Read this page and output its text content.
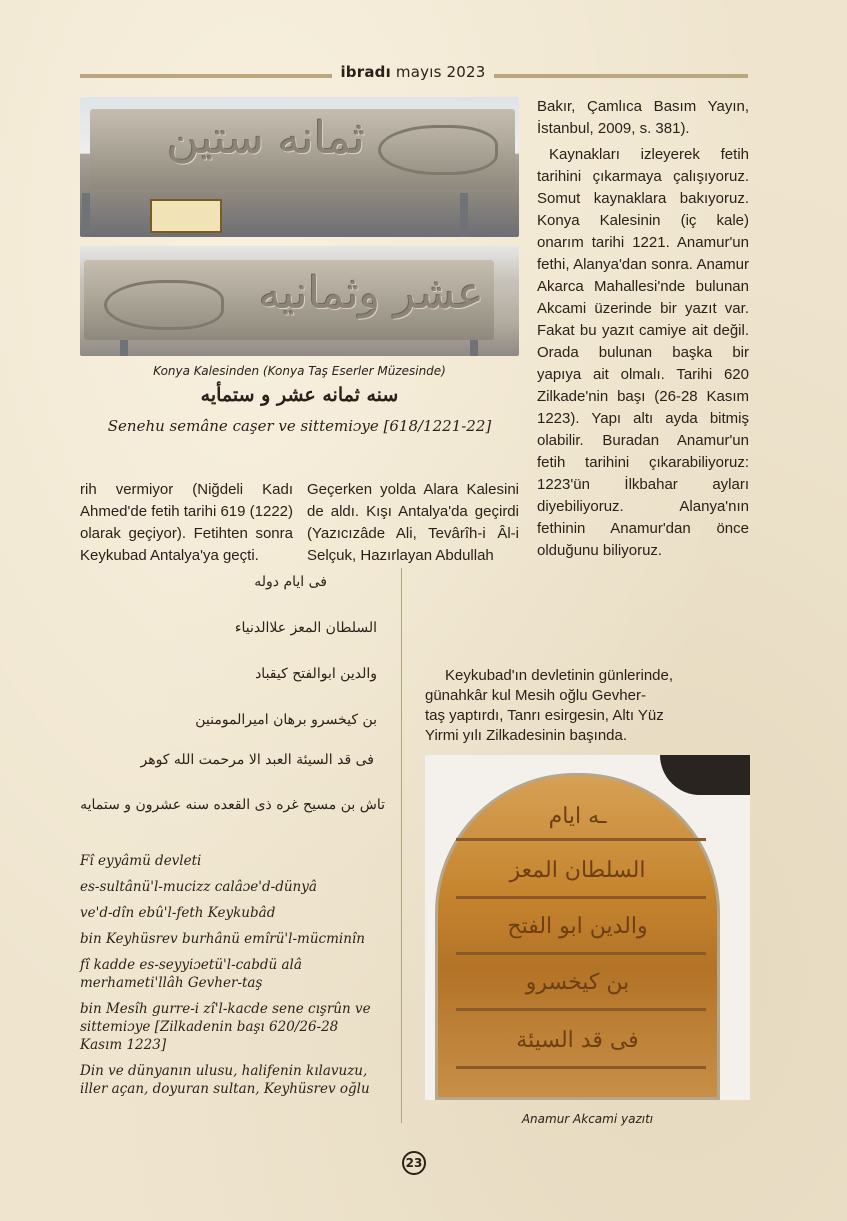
ibradı mayıs 2023
ثمانه ستين
عشر وثمانيه
Konya Kalesinden (Konya Taş Eserler Müzesinde)
سنه ثمانه عشر و ستمأيه
Senehu semâne caşer ve sittemiɔye [618/1221-22]

Bakır, Çamlıca Basım Yayın, İstanbul, 2009, s. 381).

Kaynakları izleyerek fetih tarihini çıkarmaya çalışıyoruz. Somut kaynaklara bakıyoruz. Konya Kalesinin (iç kale) onarım tarihi 1221. Anamur'un fethi, Alanya'dan sonra. Anamur Akarca Mahallesi'nde bulunan Akcami üzerinde bir yazıt var. Fakat bu yazıt camiye ait değil. Orada bulunan başka bir yapıya ait olmalı. Tarihi 620 Zilkade'nin başı (26-28 Kasım 1223). Yapı altı ayda bitmiş olabilir. Buradan Anamur'un fetih tarihini çıkarabiliyoruz: 1223'ün İlkbahar ayları diyebiliyoruz. Alanya'nın fethinin Anamur'dan önce olduğunu biliyoruz.

rih vermiyor (Niğdeli Kadı Ahmed'de fetih tarihi 619 (1222) olarak geçiyor). Fetihten sonra Keykubad Antalya'ya geçti.
Geçerken yolda Alara Kalesini de aldı. Kışı Antalya'da geçirdi (Yazıcızâde Ali, Tevârîh-i Âl-i Selçuk, Hazırlayan Abdullah
فى ايام دوله
السلطان المعز علاالدنياء
والدين ابوالفتح كيقباد
بن كيخسرو برهان اميرالمومنين
فى قد السيئة العبد الا مرحمت الله كوهر
تاش بن مسيح غره ذى القعده سنه عشرون و ستمايه
Fî eyyâmü devleti
es-sultânü'l-mucizz calâɔe'd-dünyâ
ve'd-dîn ebû'l-feth Keykubâd
bin Keyhüsrev burhânü emîrü'l-mücminîn
fî kadde es-seyyiɔetü'l-cabdü alâ merhameti'llâh Gevher-taş
bin Mesîh gurre-i zî'l-kacde sene cışrûn ve sittemiɔye [Zilkadenin başı 620/26-28 Kasım 1223]
Din ve dünyanın ulusu, halifenin kılavuzu, iller açan, doyuran sultan, Keyhüsrev oğlu
Keykubad'ın devletinin günlerinde,
günahkâr kul Mesih oğlu Gevher-
taş yaptırdı, Tanrı esirgesin, Altı Yüz
Yirmi yılı Zilkadesinin başında.
ـه ايام
السلطان المعز
والدين ابو الفتح
بن كيخسرو
فى قد السيئة
Anamur Akcami yazıtı
23
